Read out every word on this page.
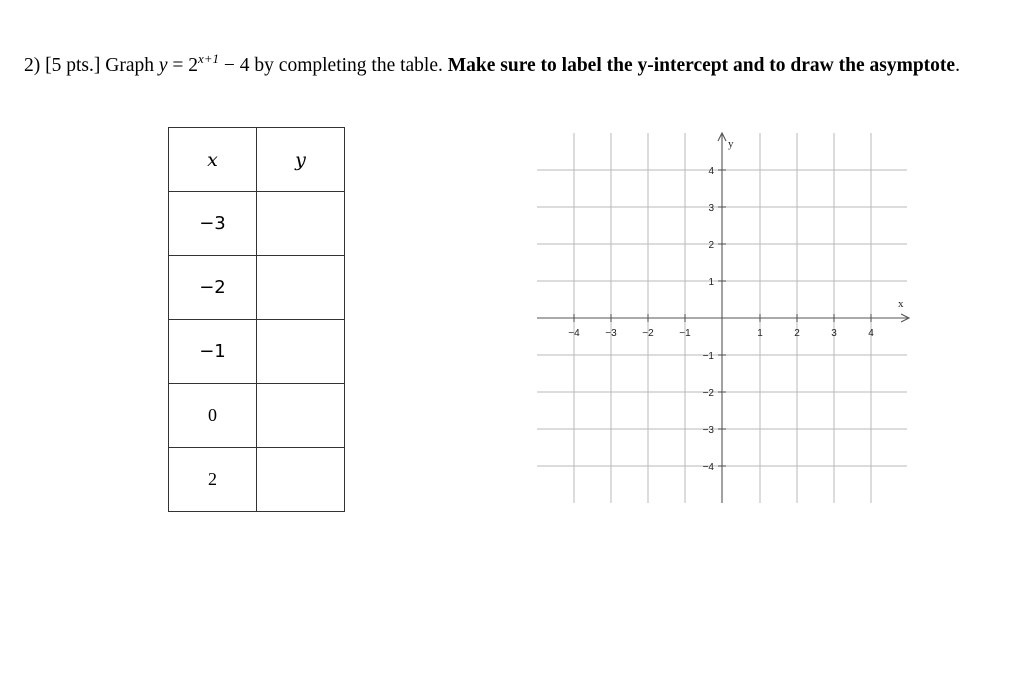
2) [5 pts.] Graph $y = 2^{x+1} - 4$ by completing the table. Make sure to label the y-intercept and to draw the asymptote.
x	y
−3	
−2	
−1	
0	
2	
y
x
−4	−3	−2	−1	1	2	3	4
4
3
2
1
−1
−2
−3
−4
